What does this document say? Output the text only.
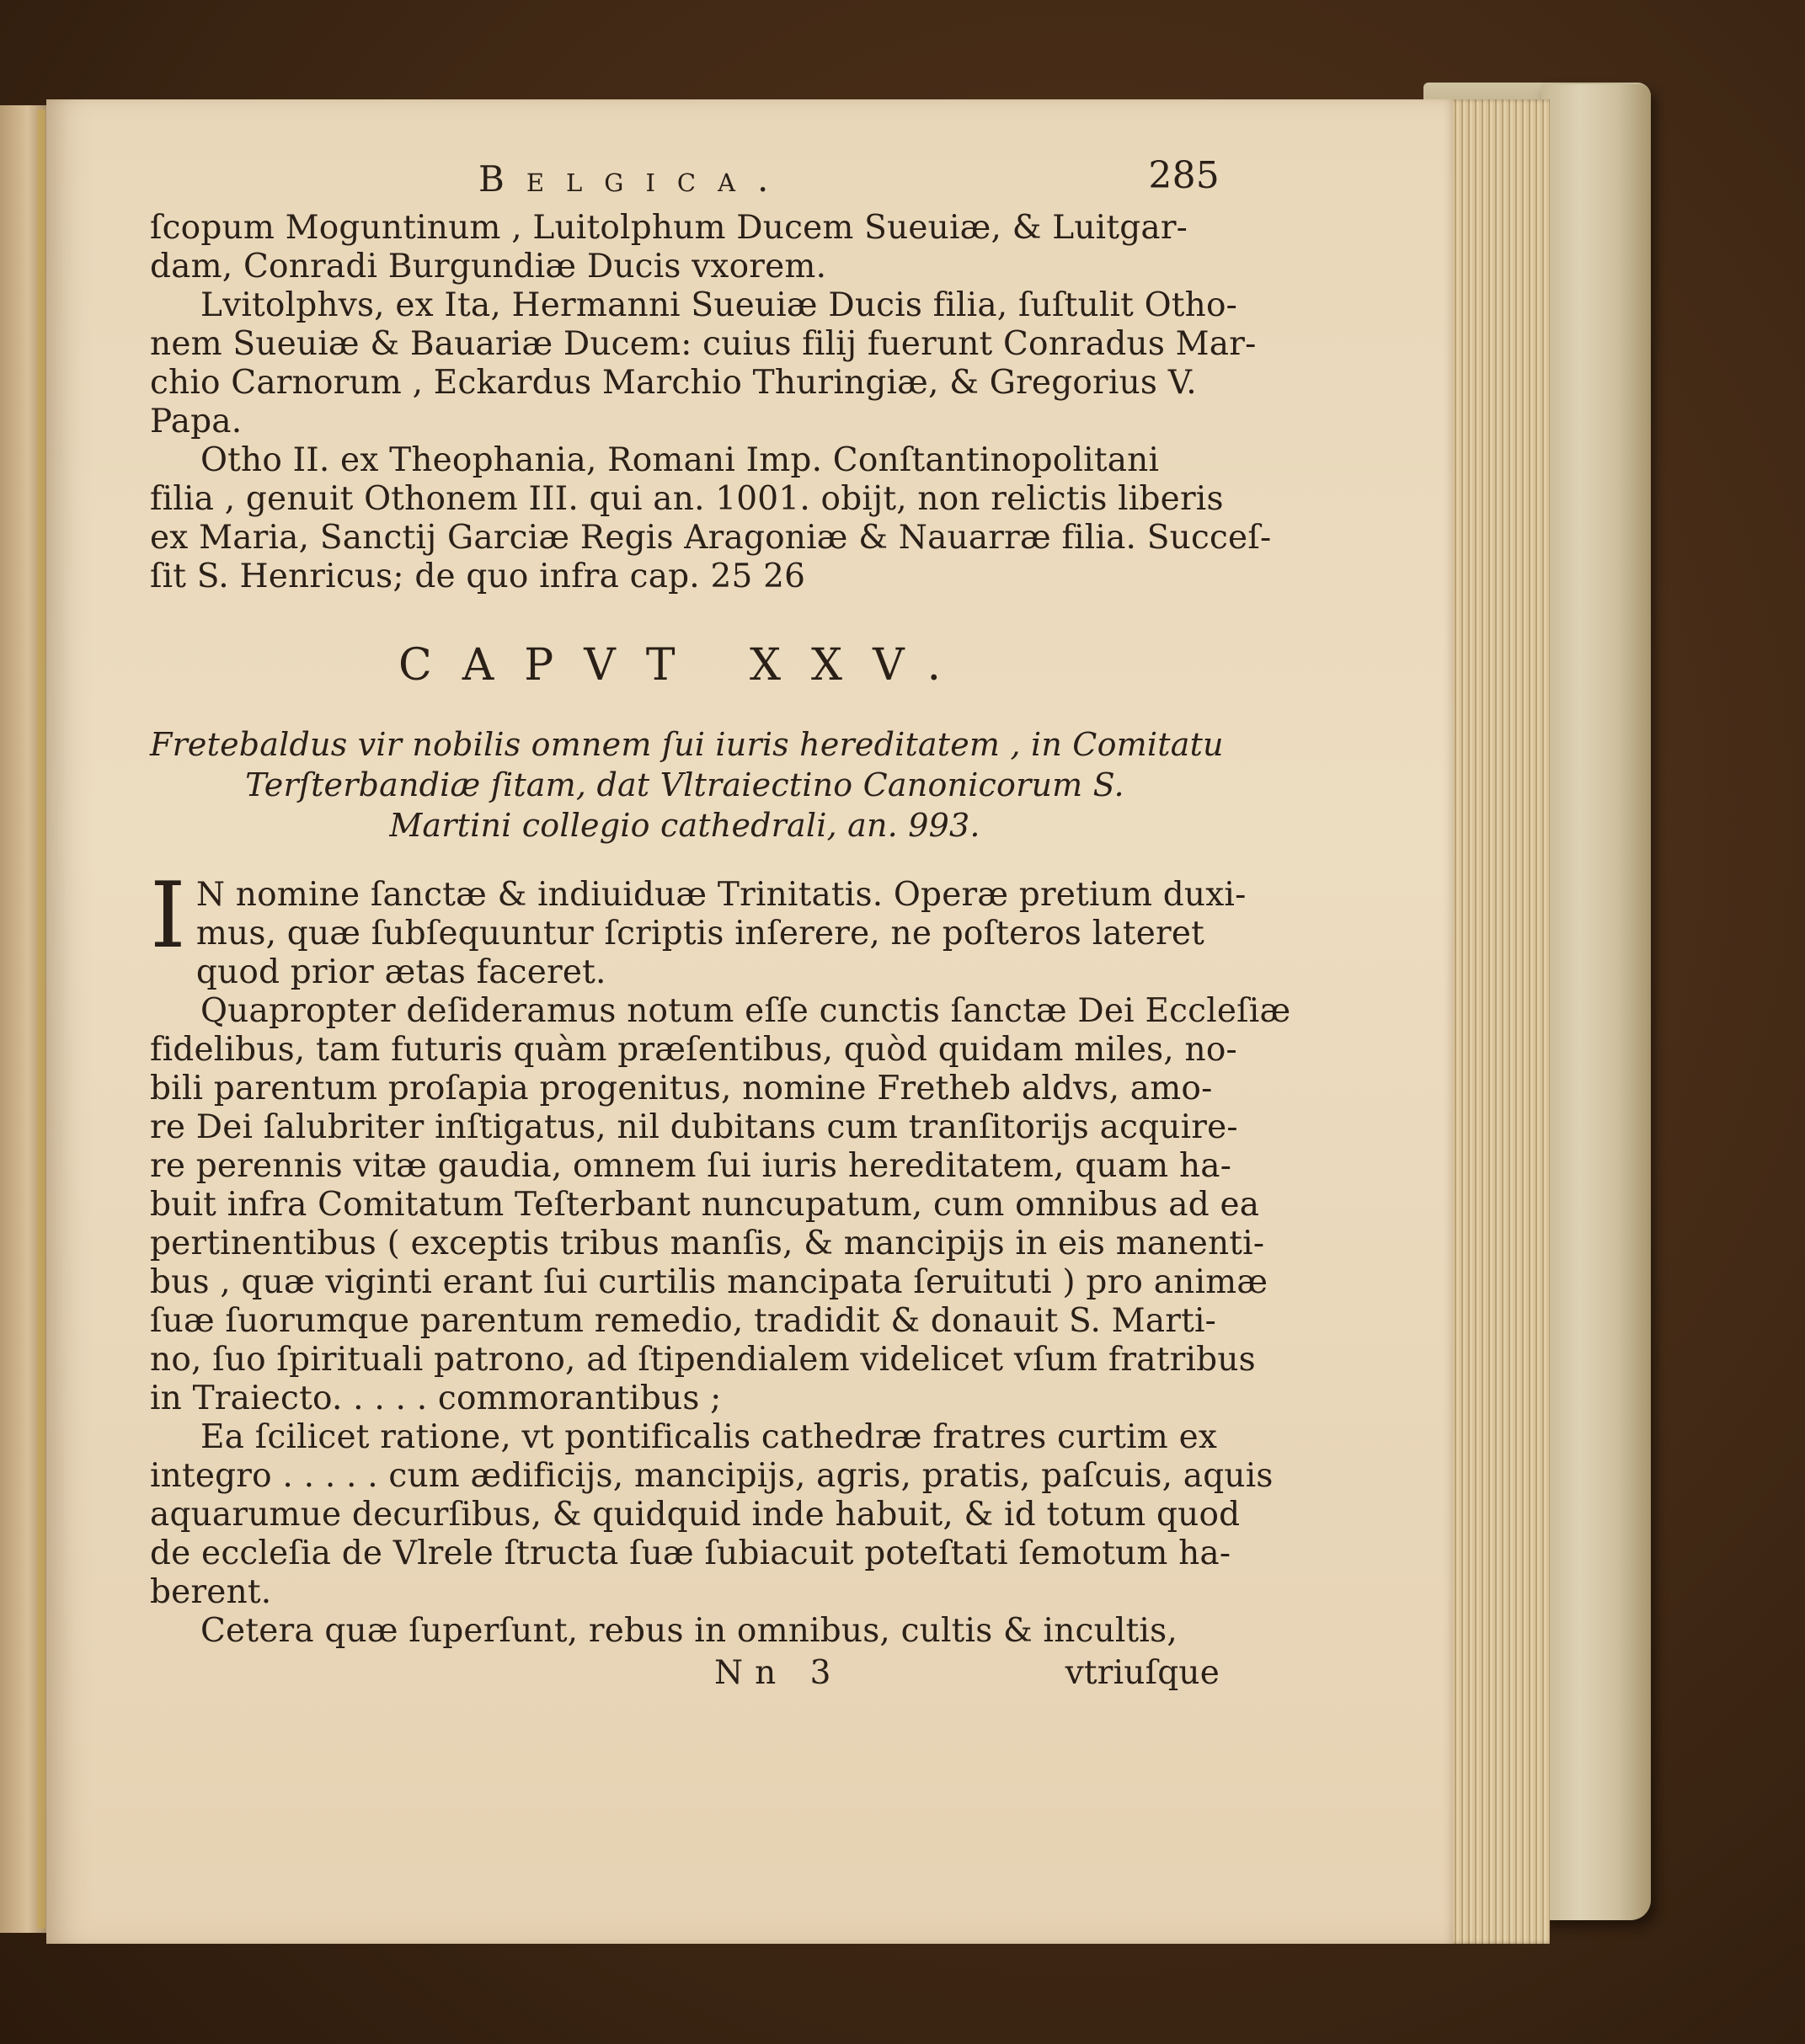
Belgica.	285
ſcopum Moguntinum , Luitolphum Ducem Sueuiæ, & Luitgar-
dam, Conradi Burgundiæ Ducis vxorem.
Lvitolphvs, ex Ita, Hermanni Sueuiæ Ducis filia, ſuſtulit Otho-
nem Sueuiæ & Bauariæ Ducem: cuius filij fuerunt Conradus Mar-
chio Carnorum , Eckardus Marchio Thuringiæ, & Gregorius V.
Papa.
Otho II. ex Theophania, Romani Imp. Conſtantinopolitani
filia , genuit Othonem III. qui an. 1001. obijt, non relictis liberis
ex Maria, Sanctij Garciæ Regis Aragoniæ & Nauarræ filia. Succeſ-
ſit S. Henricus; de quo infra cap. 25 26
CAPVT XXV.
Fretebaldus vir nobilis omnem ſui iuris hereditatem , in Comitatu
Terſterbandiæ ſitam, dat Vltraiectino Canonicorum S.
Martini collegio cathedrali, an. 993.
I N nomine ſanctæ & indiuiduæ Trinitatis. Operæ pretium duxi-
mus, quæ ſubſequuntur ſcriptis inſerere, ne poſteros lateret
quod prior ætas faceret.
Quapropter deſideramus notum eſſe cunctis ſanctæ Dei Eccleſiæ
fidelibus, tam futuris quàm præſentibus, quòd quidam miles, no-
bili parentum proſapia progenitus, nomine Fretheb aldvs, amo-
re Dei ſalubriter inſtigatus, nil dubitans cum tranſitorijs acquire-
re perennis vitæ gaudia, omnem ſui iuris hereditatem, quam ha-
buit infra Comitatum Teſterbant nuncupatum, cum omnibus ad ea
pertinentibus ( exceptis tribus manſis, & mancipijs in eis manenti-
bus , quæ viginti erant ſui curtilis mancipata ſeruituti ) pro animæ
ſuæ ſuorumque parentum remedio, tradidit & donauit S. Marti-
no, ſuo ſpirituali patrono, ad ſtipendialem videlicet vſum fratribus
in Traiecto. . . . . commorantibus ;
Ea ſcilicet ratione, vt pontificalis cathedræ fratres curtim ex
integro . . . . . cum ædificijs, mancipijs, agris, pratis, paſcuis, aquis
aquarumue decurſibus, & quidquid inde habuit, & id totum quod
de eccleſia de Vlrele ſtructa ſuæ ſubiacuit poteſtati ſemotum ha-
berent.
Cetera quæ ſuperſunt, rebus in omnibus, cultis & incultis,
Nn 3	vtriuſque
